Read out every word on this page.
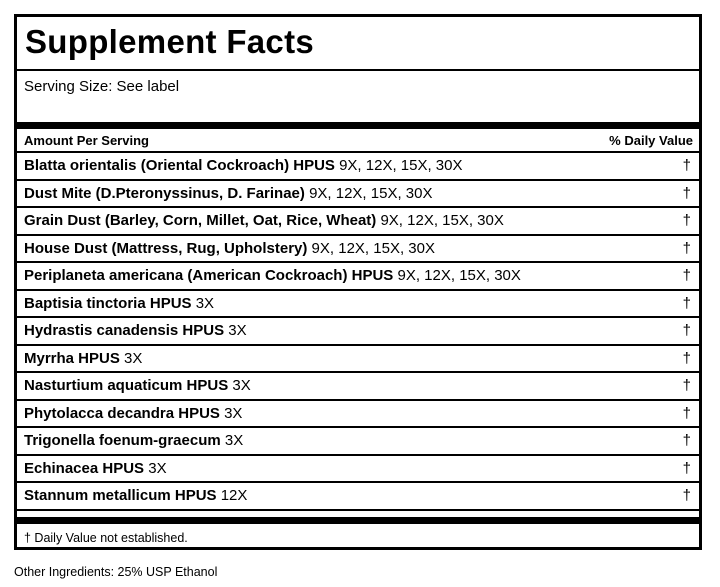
Supplement Facts
Serving Size: See label
Amount Per Serving	% Daily Value
Blatta orientalis (Oriental Cockroach) HPUS 9X, 12X, 15X, 30X	†
Dust Mite (D.Pteronyssinus, D. Farinae) 9X, 12X, 15X, 30X	†
Grain Dust (Barley, Corn, Millet, Oat, Rice, Wheat) 9X, 12X, 15X, 30X	†
House Dust (Mattress, Rug, Upholstery) 9X, 12X, 15X, 30X	†
Periplaneta americana (American Cockroach) HPUS 9X, 12X, 15X, 30X	†
Baptisia tinctoria HPUS 3X	†
Hydrastis canadensis HPUS 3X	†
Myrrha HPUS 3X	†
Nasturtium aquaticum HPUS 3X	†
Phytolacca decandra HPUS 3X	†
Trigonella foenum-graecum 3X	†
Echinacea HPUS 3X	†
Stannum metallicum HPUS 12X	†
† Daily Value not established.
Other Ingredients: 25% USP Ethanol
